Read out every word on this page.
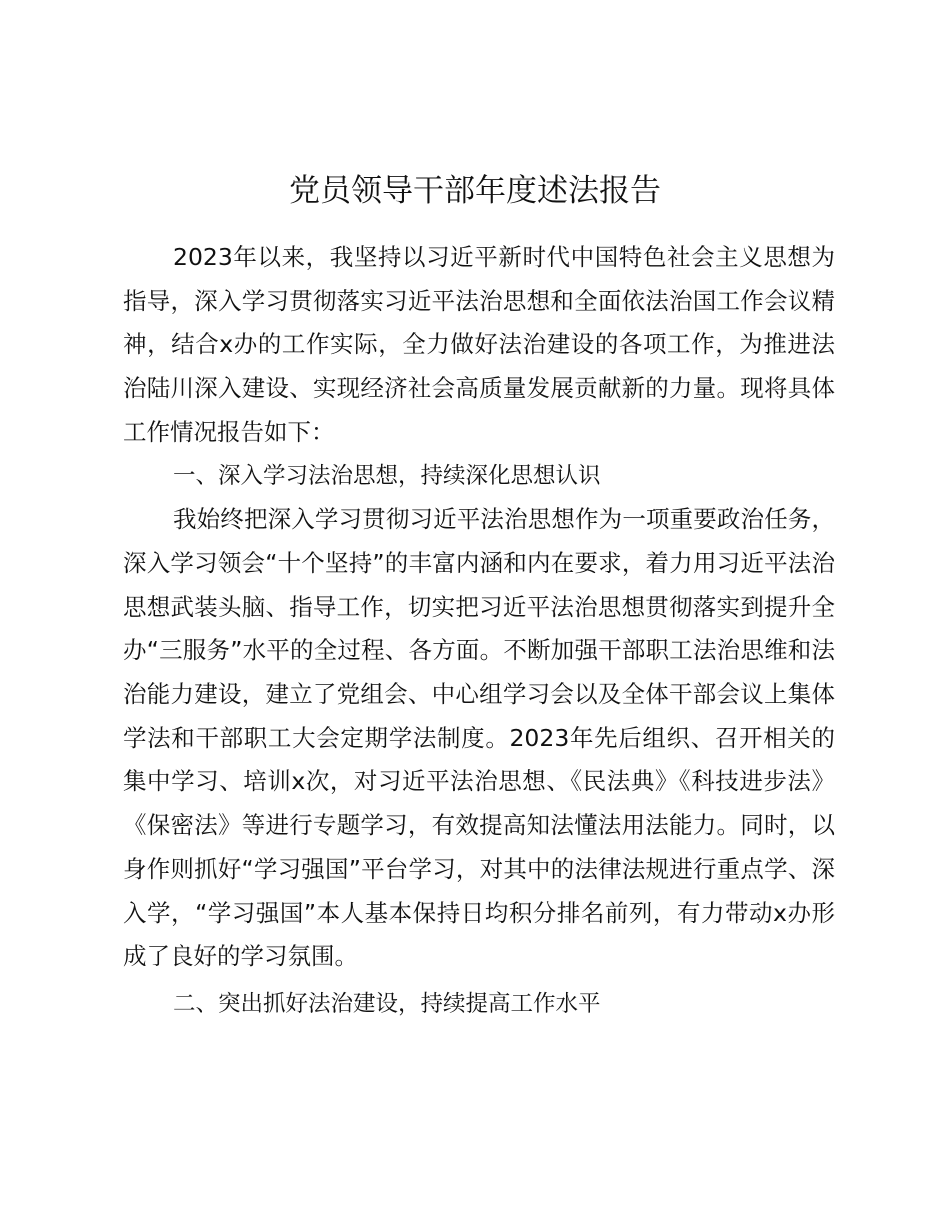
党员领导干部年度述法报告

2023年以来，我坚持以习近平新时代中国特色社会主义思想为指导，深入学习贯彻落实习近平法治思想和全面依法治国工作会议精神，结合x办的工作实际，全力做好法治建设的各项工作，为推进法治陆川深入建设、实现经济社会高质量发展贡献新的力量。现将具体工作情况报告如下：

一、深入学习法治思想，持续深化思想认识

我始终把深入学习贯彻习近平法治思想作为一项重要政治任务，深入学习领会“十个坚持”的丰富内涵和内在要求，着力用习近平法治思想武装头脑、指导工作，切实把习近平法治思想贯彻落实到提升全办“三服务”水平的全过程、各方面。不断加强干部职工法治思维和法治能力建设，建立了党组会、中心组学习会以及全体干部会议上集体学法和干部职工大会定期学法制度。2023年先后组织、召开相关的集中学习、培训x次，对习近平法治思想、《民法典》《科技进步法》《保密法》等进行专题学习，有效提高知法懂法用法能力。同时，以身作则抓好“学习强国”平台学习，对其中的法律法规进行重点学、深入学，“学习强国”本人基本保持日均积分排名前列，有力带动x办形成了良好的学习氛围。

二、突出抓好法治建设，持续提高工作水平
